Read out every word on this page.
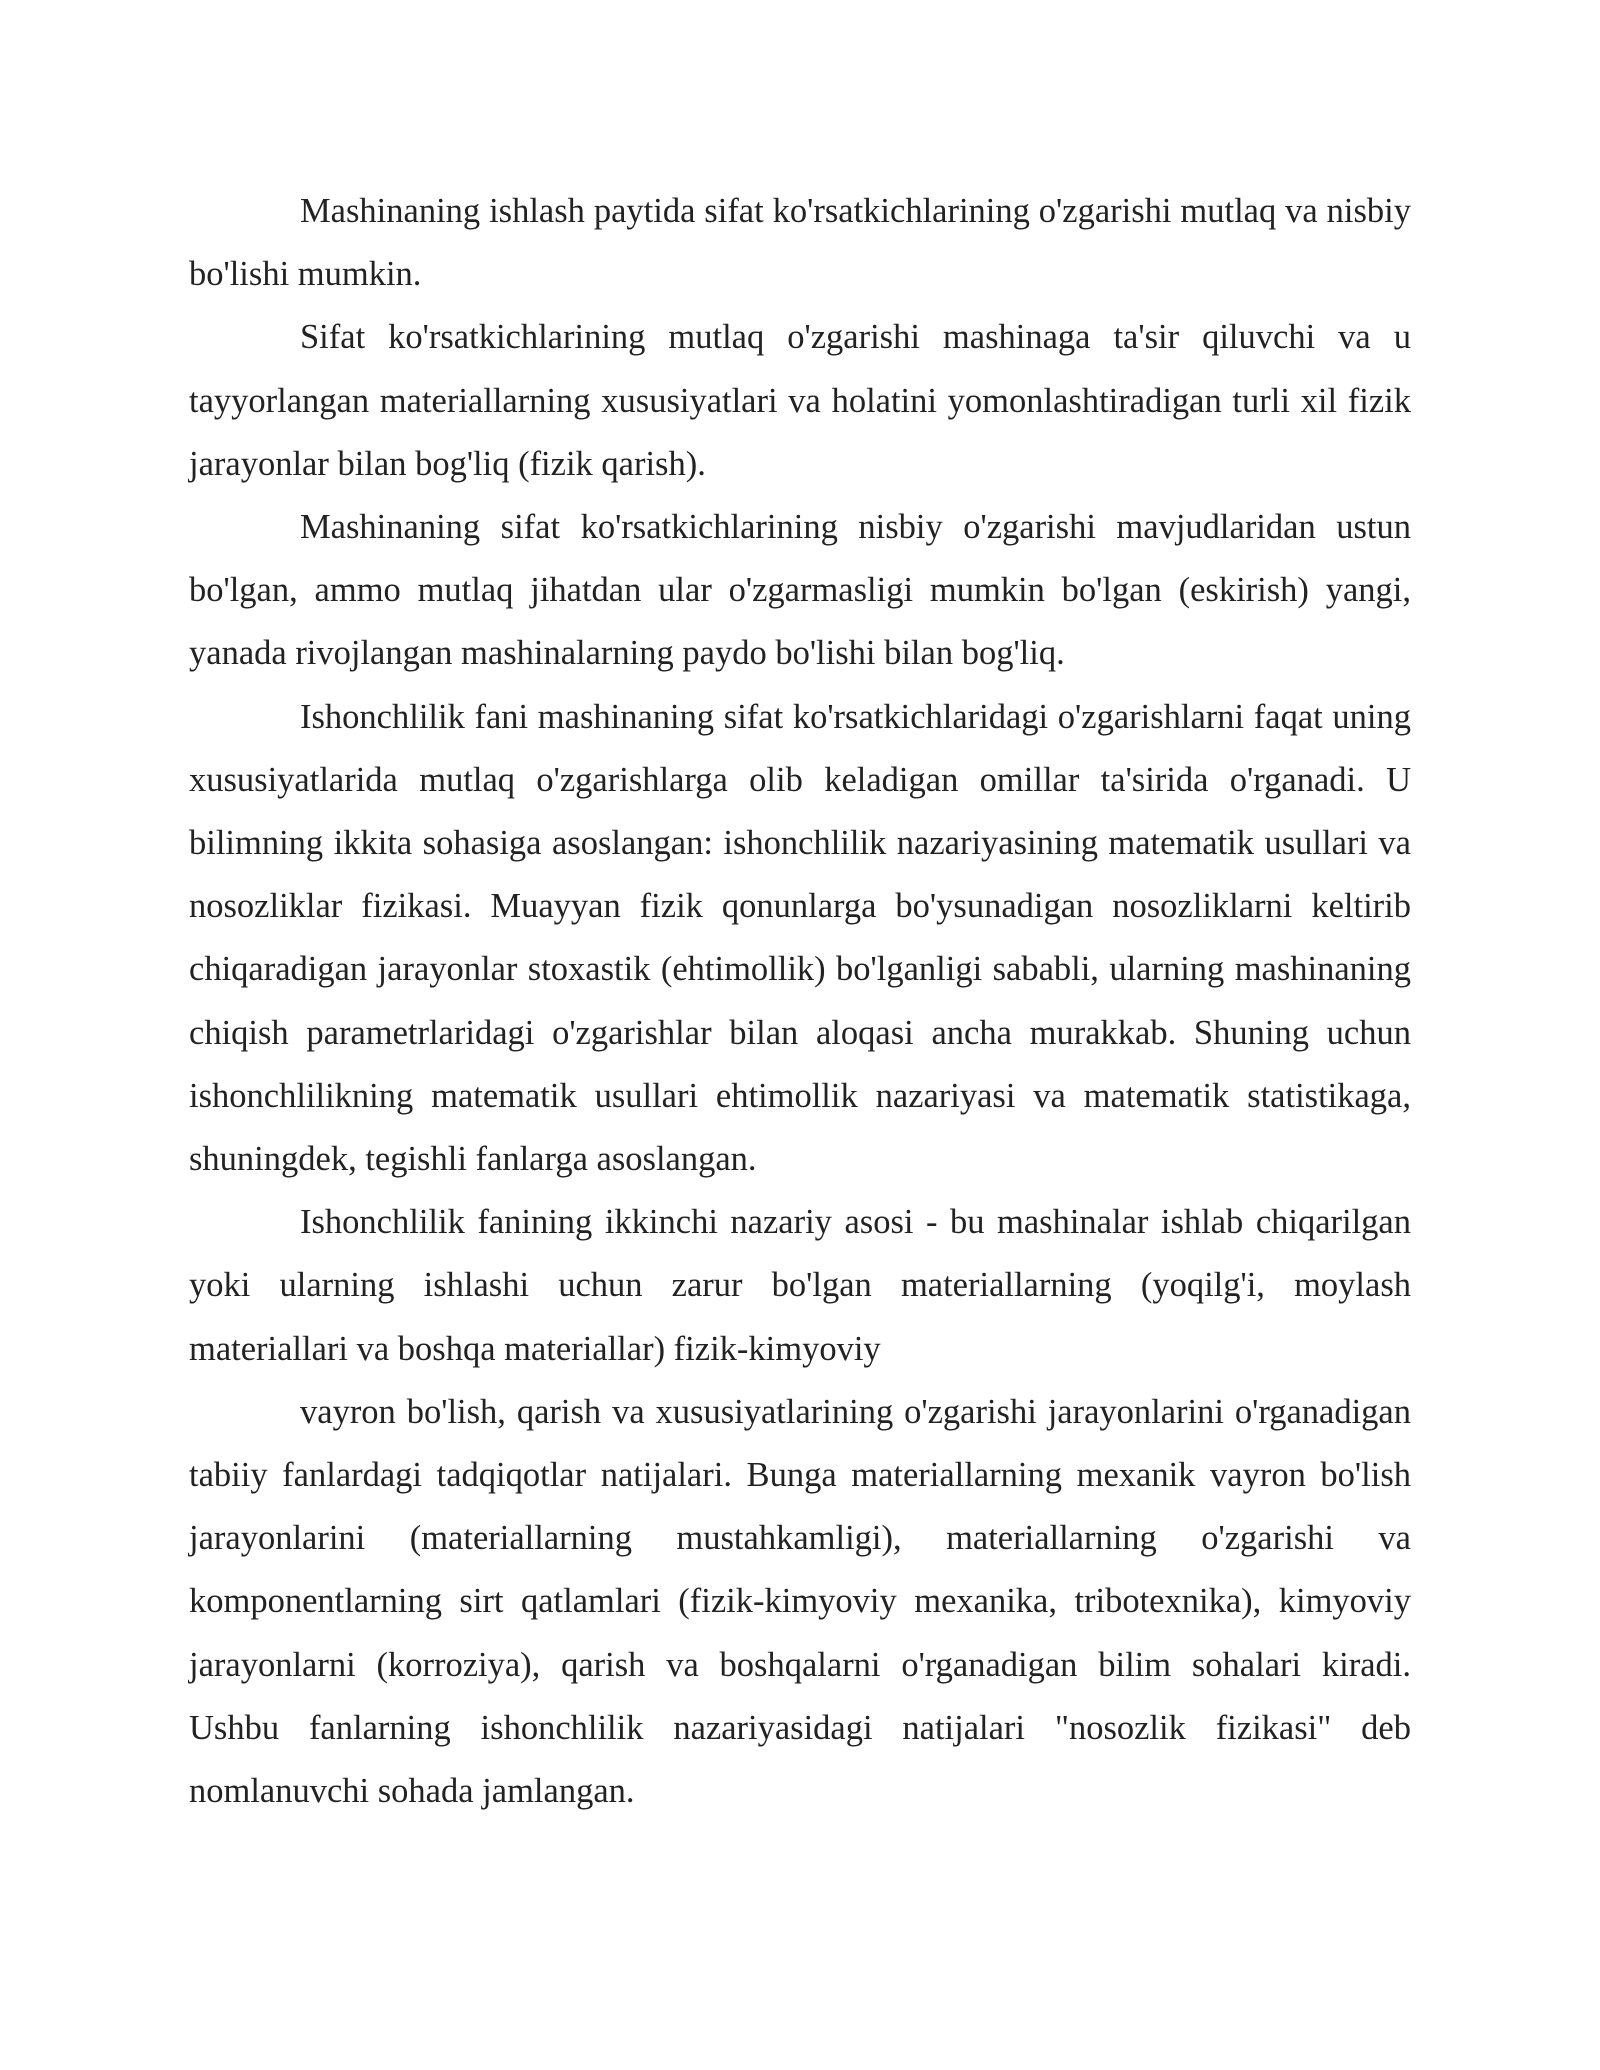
Mashinaning ishlash paytida sifat ko'rsatkichlarining o'zgarishi mutlaq va nisbiy bo'lishi mumkin.

Sifat ko'rsatkichlarining mutlaq o'zgarishi mashinaga ta'sir qiluvchi va u tayyorlangan materiallarning xususiyatlari va holatini yomonlashtiradigan turli xil fizik jarayonlar bilan bog'liq (fizik qarish).

Mashinaning sifat ko'rsatkichlarining nisbiy o'zgarishi mavjudlaridan ustun bo'lgan, ammo mutlaq jihatdan ular o'zgarmasligi mumkin bo'lgan (eskirish) yangi, yanada rivojlangan mashinalarning paydo bo'lishi bilan bog'liq.

Ishonchlilik fani mashinaning sifat ko'rsatkichlaridagi o'zgarishlarni faqat uning xususiyatlarida mutlaq o'zgarishlarga olib keladigan omillar ta'sirida o'rganadi. U bilimning ikkita sohasiga asoslangan: ishonchlilik nazariyasining matematik usullari va nosozliklar fizikasi. Muayyan fizik qonunlarga bo'ysunadigan nosozliklarni keltirib chiqaradigan jarayonlar stoxastik (ehtimollik) bo'lganligi sababli, ularning mashinaning chiqish parametrlaridagi o'zgarishlar bilan aloqasi ancha murakkab. Shuning uchun ishonchlilikning matematik usullari ehtimollik nazariyasi va matematik statistikaga, shuningdek, tegishli fanlarga asoslangan.

Ishonchlilik fanining ikkinchi nazariy asosi - bu mashinalar ishlab chiqarilgan yoki ularning ishlashi uchun zarur bo'lgan materiallarning (yoqilg'i, moylash materiallari va boshqa materiallar) fizik-kimyoviy

vayron bo'lish, qarish va xususiyatlarining o'zgarishi jarayonlarini o'rganadigan tabiiy fanlardagi tadqiqotlar natijalari. Bunga materiallarning mexanik vayron bo'lish jarayonlarini (materiallarning mustahkamligi), materiallarning o'zgarishi va komponentlarning sirt qatlamlari (fizik-kimyoviy mexanika, tribotexnika), kimyoviy jarayonlarni (korroziya), qarish va boshqalarni o'rganadigan bilim sohalari kiradi. Ushbu fanlarning ishonchlilik nazariyasidagi natijalari "nosozlik fizikasi" deb nomlanuvchi sohada jamlangan.
